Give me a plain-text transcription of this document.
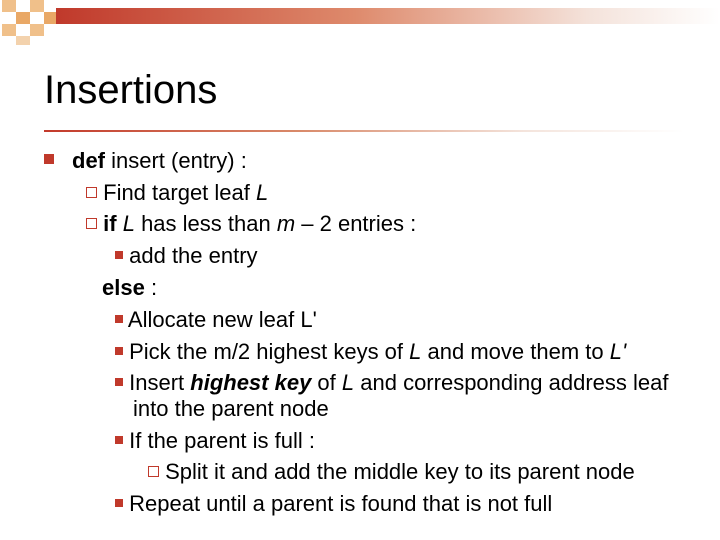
Insertions
def insert (entry) :
Find target leaf L
if L has less than m – 2 entries :
add the entry
else :
Allocate new leaf L'
Pick the m/2 highest keys of L and move them to L'
Insert highest key of L and corresponding address leaf
into the parent node
If the parent is full :
Split it and add the middle key to its parent node
Repeat until a parent is found that is not full
